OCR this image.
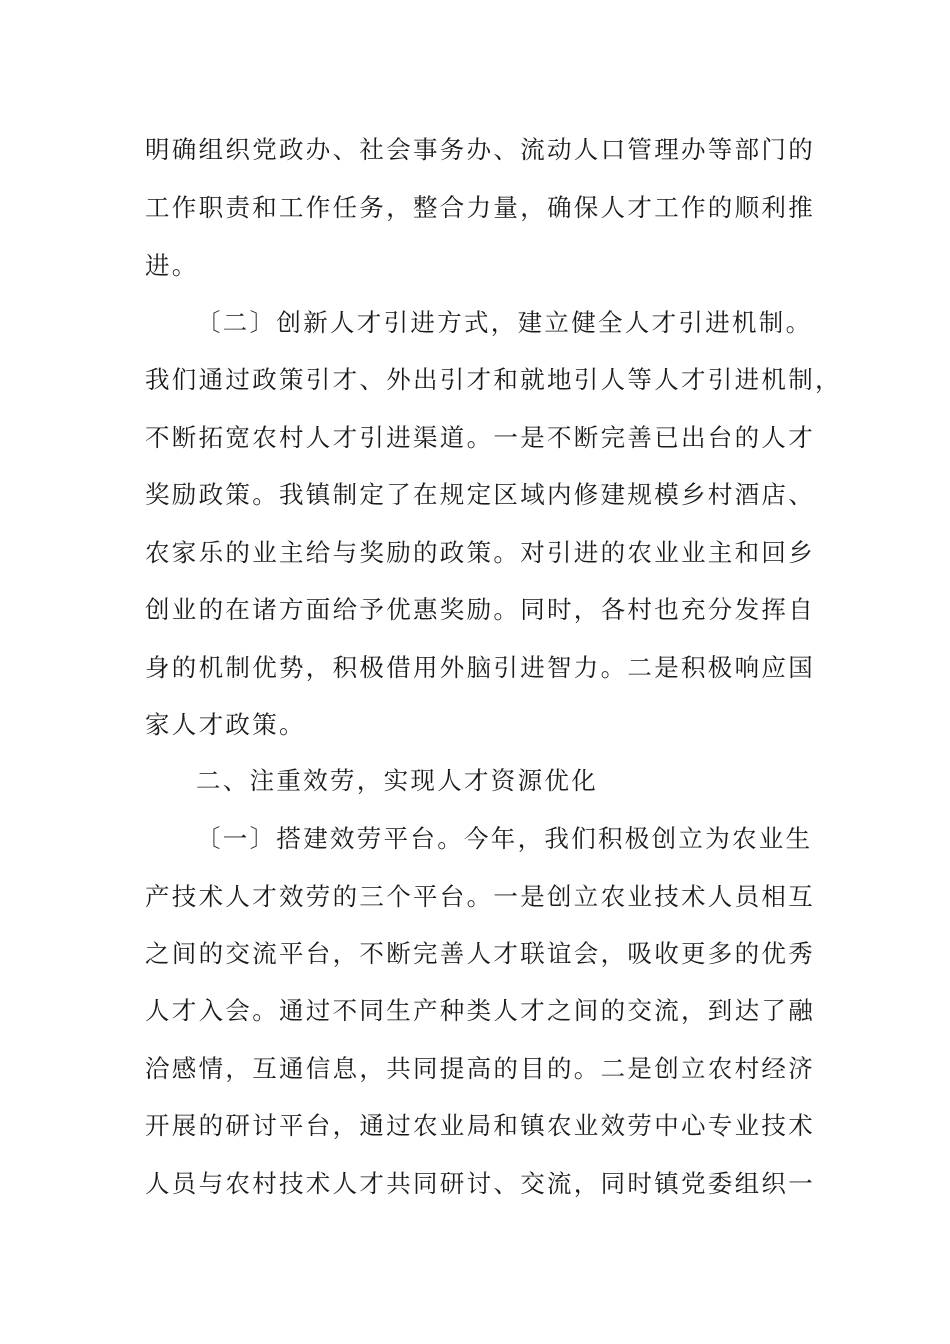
明确组织党政办、社会事务办、流动人口管理办等部门的
工作职责和工作任务，整合力量，确保人才工作的顺利推
进。
〔二〕创新人才引进方式，建立健全人才引进机制。
我们通过政策引才、外出引才和就地引人等人才引进机制，
不断拓宽农村人才引进渠道。一是不断完善已出台的人才
奖励政策。我镇制定了在规定区域内修建规模乡村酒店、
农家乐的业主给与奖励的政策。对引进的农业业主和回乡
创业的在诸方面给予优惠奖励。同时，各村也充分发挥自
身的机制优势，积极借用外脑引进智力。二是积极响应国
家人才政策。
二、注重效劳，实现人才资源优化
〔一〕搭建效劳平台。今年，我们积极创立为农业生
产技术人才效劳的三个平台。一是创立农业技术人员相互
之间的交流平台，不断完善人才联谊会，吸收更多的优秀
人才入会。通过不同生产种类人才之间的交流，到达了融
洽感情，互通信息，共同提高的目的。二是创立农村经济
开展的研讨平台，通过农业局和镇农业效劳中心专业技术
人员与农村技术人才共同研讨、交流，同时镇党委组织一
